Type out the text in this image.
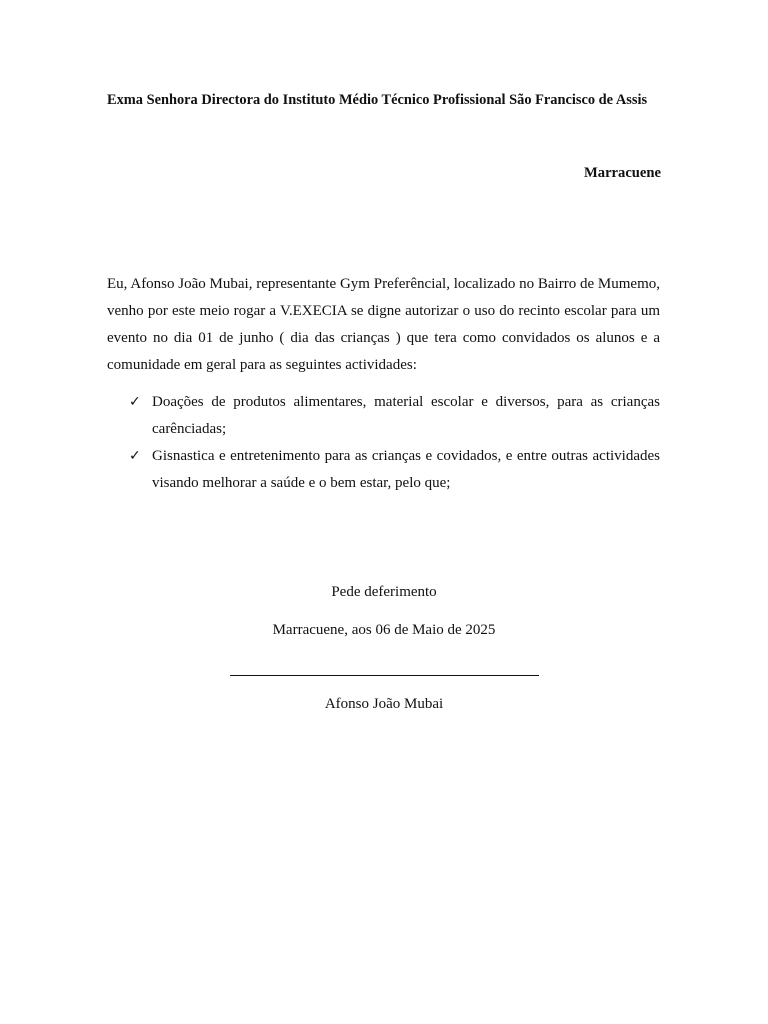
Exma Senhora Directora do Instituto Médio Técnico Profissional São Francisco de Assis
Marracuene

Eu, Afonso João Mubai, representante Gym Preferêncial, localizado no Bairro de Mumemo, venho por este meio rogar a V.EXECIA se digne autorizar o uso do recinto escolar para um evento no dia 01 de junho ( dia das crianças ) que tera como convidados os alunos e a comunidade em geral para as seguintes actividades:

✓ Doações de produtos alimentares, material escolar e diversos, para as crianças carênciadas;
✓ Gisnastica e entretenimento para as crianças e covidados, e entre outras actividades visando melhorar a saúde e o bem estar, pelo que;
Pede deferimento
Marracuene, aos 06 de Maio de 2025
Afonso João Mubai
